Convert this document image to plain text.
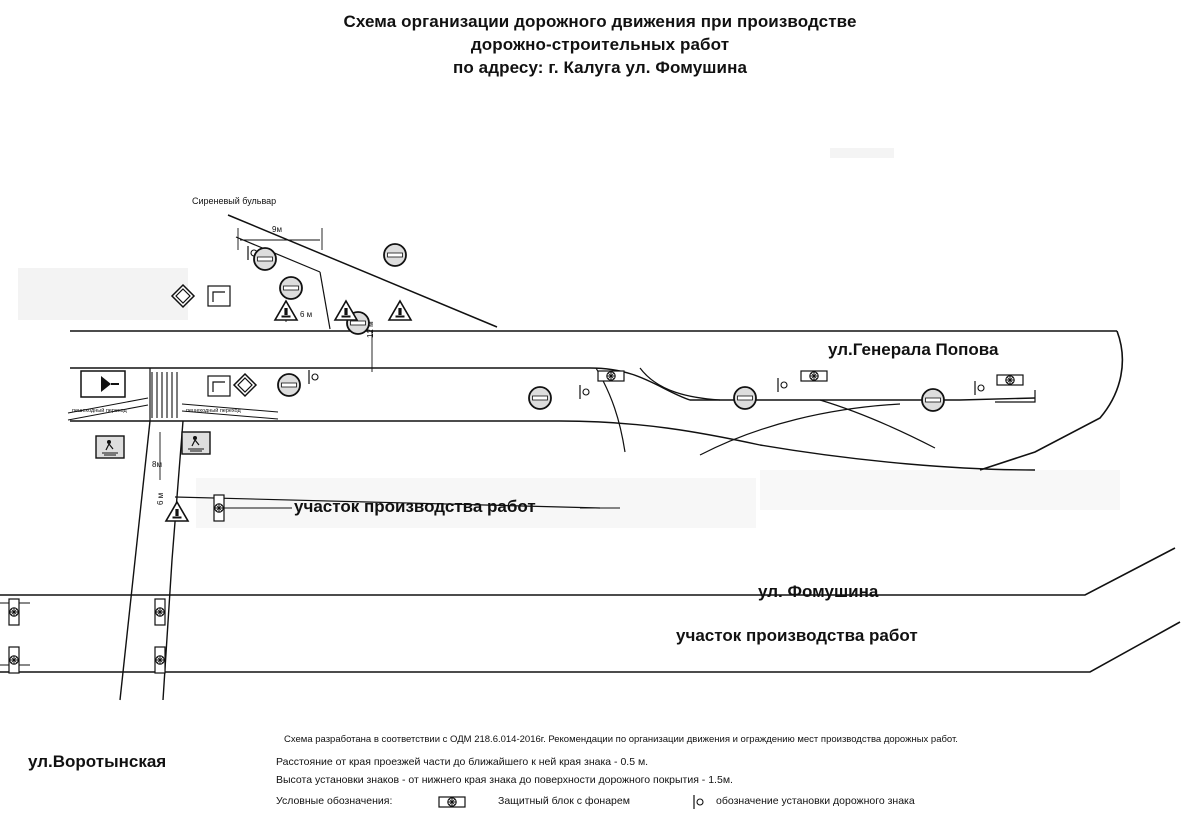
Схема организации дорожного движения при производстве
дорожно-строительных работ
по адресу: г. Калуга ул. Фомушина
Сиреневый бульвар
ул.Генерала Попова
ул. Фомушина
ул.Воротынская
участок производства работ
участок производства работ
9м
6 м
12 м
8м
6 м
пешеходный переход	пешеходный переход
Схема разработана в соответствии с ОДМ 218.6.014-2016г. Рекомендации по организации движения и ограждению мест производства дорожных работ.
Расстояние от края проезжей части до ближайшего к ней края знака - 0.5 м.
Высота установки знаков - от нижнего края знака до поверхности дорожного покрытия - 1.5м.
Условные обозначения:	Защитный блок с фонарем	обозначение установки дорожного знака
